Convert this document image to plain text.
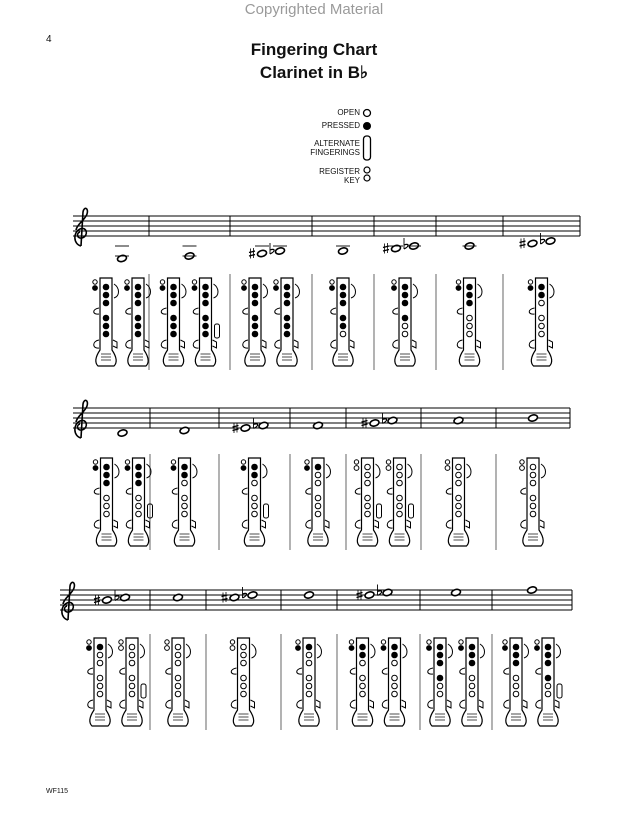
Copyrighted Material
4
Fingering Chart
Clarinet in B♭
OPEN
PRESSED
ALTERNATE
FINGERINGS
REGISTER
KEY
WF115
